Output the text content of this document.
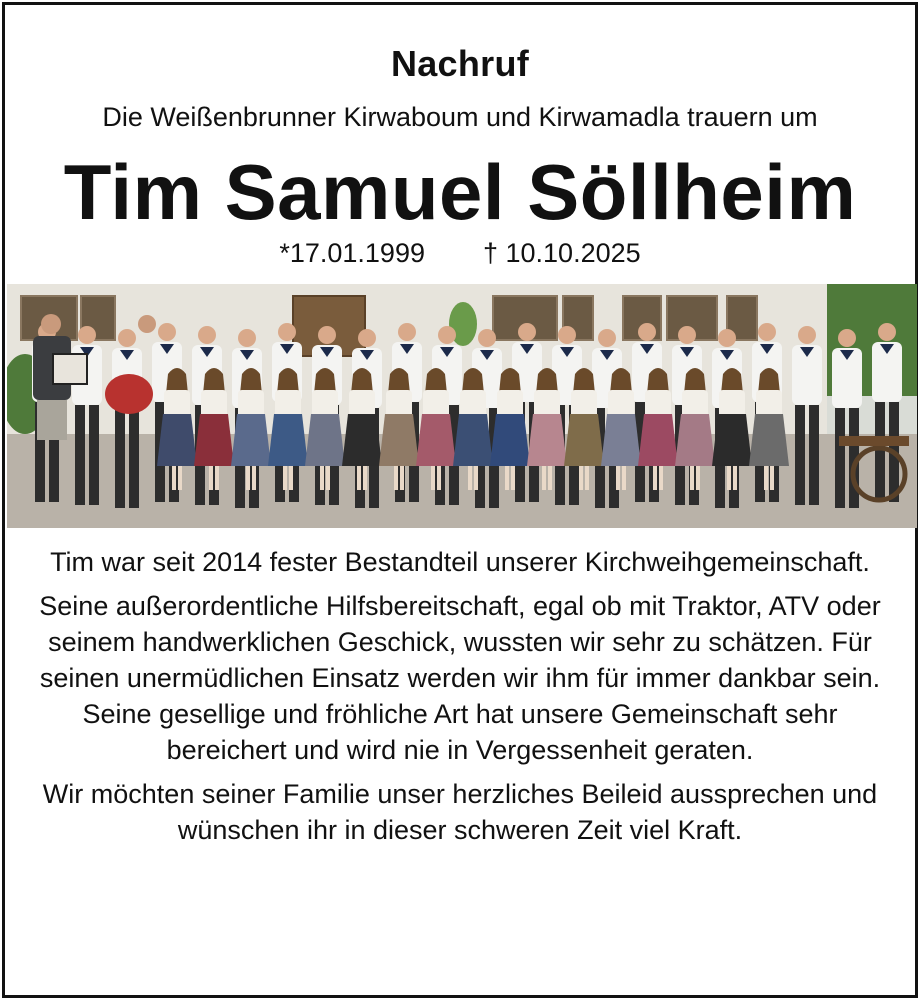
Nachruf
Die Weißenbrunner Kirwaboum und Kirwamadla trauern um
Tim Samuel Söllheim
*17.01.1999 † 10.10.2025

Tim war seit 2014 fester Bestandteil unserer Kirchweihgemeinschaft.

Seine außerordentliche Hilfsbereitschaft, egal ob mit Traktor, ATV oder seinem handwerklichen Geschick, wussten wir sehr zu schätzen. Für seinen unermüdlichen Einsatz werden wir ihm für immer dankbar sein. Seine gesellige und fröhliche Art hat unsere Gemeinschaft sehr bereichert und wird nie in Vergessenheit geraten.

Wir möchten seiner Familie unser herzliches Beileid aussprechen und wünschen ihr in dieser schweren Zeit viel Kraft.
